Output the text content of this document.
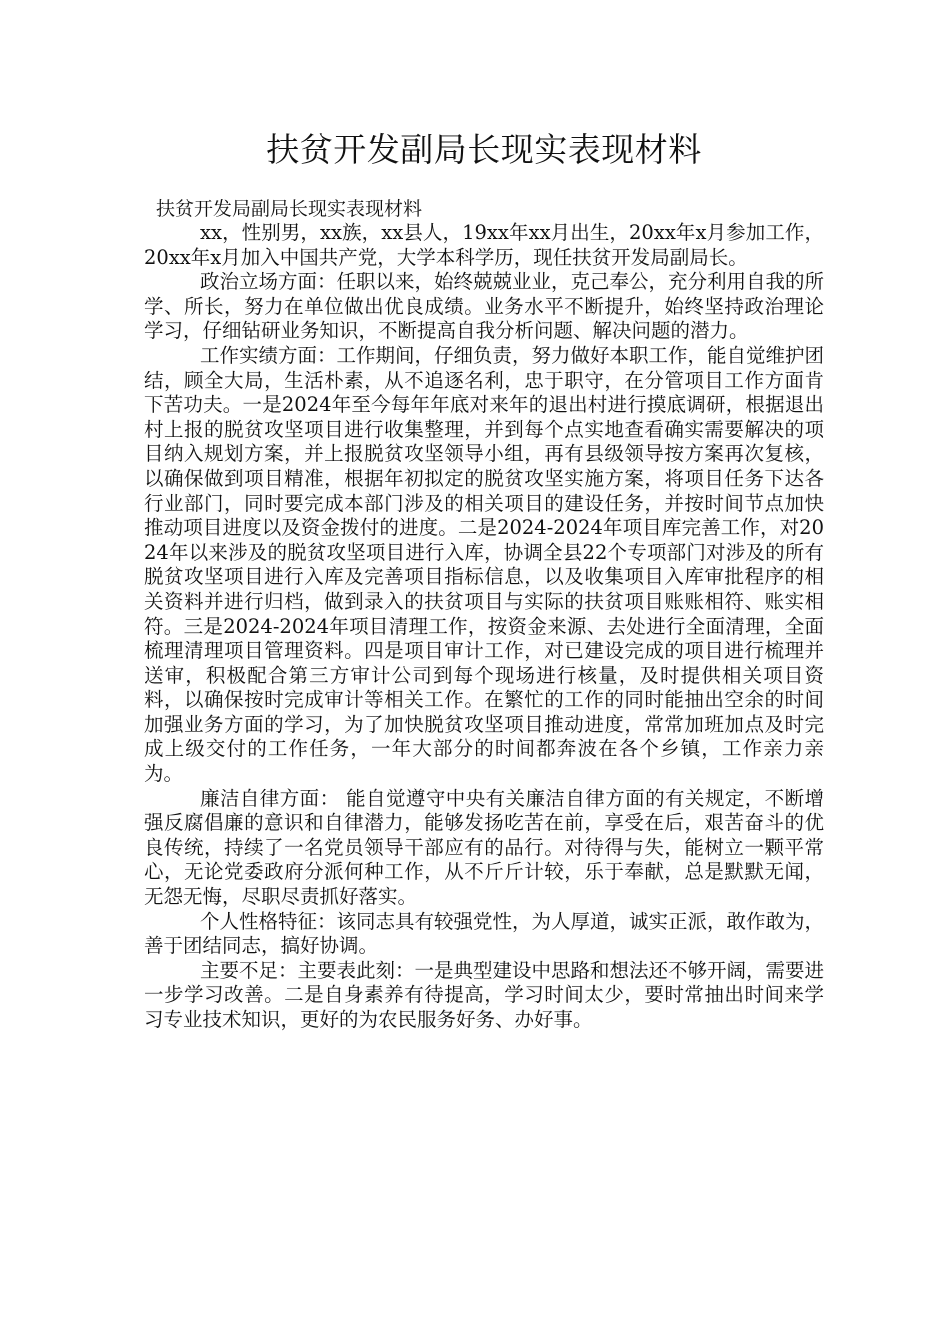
扶贫开发副局长现实表现材料

扶贫开发局副局长现实表现材料

xx，性别男，xx族，xx县人，19xx年xx月出生，20xx年x月参加工作，20xx年x月加入中国共产党，大学本科学历，现任扶贫开发局副局长。

政治立场方面：任职以来，始终兢兢业业，克己奉公，充分利用自我的所学、所长，努力在单位做出优良成绩。业务水平不断提升，始终坚持政治理论学习，仔细钻研业务知识，不断提高自我分析问题、解决问题的潜力。

工作实绩方面：工作期间，仔细负责，努力做好本职工作，能自觉维护团结，顾全大局，生活朴素，从不追逐名利，忠于职守，在分管项目工作方面肯下苦功夫。一是2024年至今每年年底对来年的退出村进行摸底调研，根据退出村上报的脱贫攻坚项目进行收集整理，并到每个点实地查看确实需要解决的项目纳入规划方案，并上报脱贫攻坚领导小组，再有县级领导按方案再次复核，以确保做到项目精准，根据年初拟定的脱贫攻坚实施方案，将项目任务下达各行业部门，同时要完成本部门涉及的相关项目的建设任务，并按时间节点加快推动项目进度以及资金拨付的进度。二是2024-2024年项目库完善工作，对2024年以来涉及的脱贫攻坚项目进行入库，协调全县22个专项部门对涉及的所有脱贫攻坚项目进行入库及完善项目指标信息，以及收集项目入库审批程序的相关资料并进行归档，做到录入的扶贫项目与实际的扶贫项目账账相符、账实相符。三是2024-2024年项目清理工作，按资金来源、去处进行全面清理，全面梳理清理项目管理资料。四是项目审计工作，对已建设完成的项目进行梳理并送审，积极配合第三方审计公司到每个现场进行核量，及时提供相关项目资料，以确保按时完成审计等相关工作。在繁忙的工作的同时能抽出空余的时间加强业务方面的学习，为了加快脱贫攻坚项目推动进度，常常加班加点及时完成上级交付的工作任务，一年大部分的时间都奔波在各个乡镇，工作亲力亲为。

廉洁自律方面： 能自觉遵守中央有关廉洁自律方面的有关规定，不断增强反腐倡廉的意识和自律潜力，能够发扬吃苦在前，享受在后，艰苦奋斗的优良传统，持续了一名党员领导干部应有的品行。对待得与失，能树立一颗平常心，无论党委政府分派何种工作，从不斤斤计较，乐于奉献，总是默默无闻，无怨无悔，尽职尽责抓好落实。

个人性格特征：该同志具有较强党性，为人厚道，诚实正派，敢作敢为，善于团结同志，搞好协调。

主要不足：主要表此刻：一是典型建设中思路和想法还不够开阔，需要进一步学习改善。二是自身素养有待提高，学习时间太少，要时常抽出时间来学习专业技术知识，更好的为农民服务好务、办好事。
